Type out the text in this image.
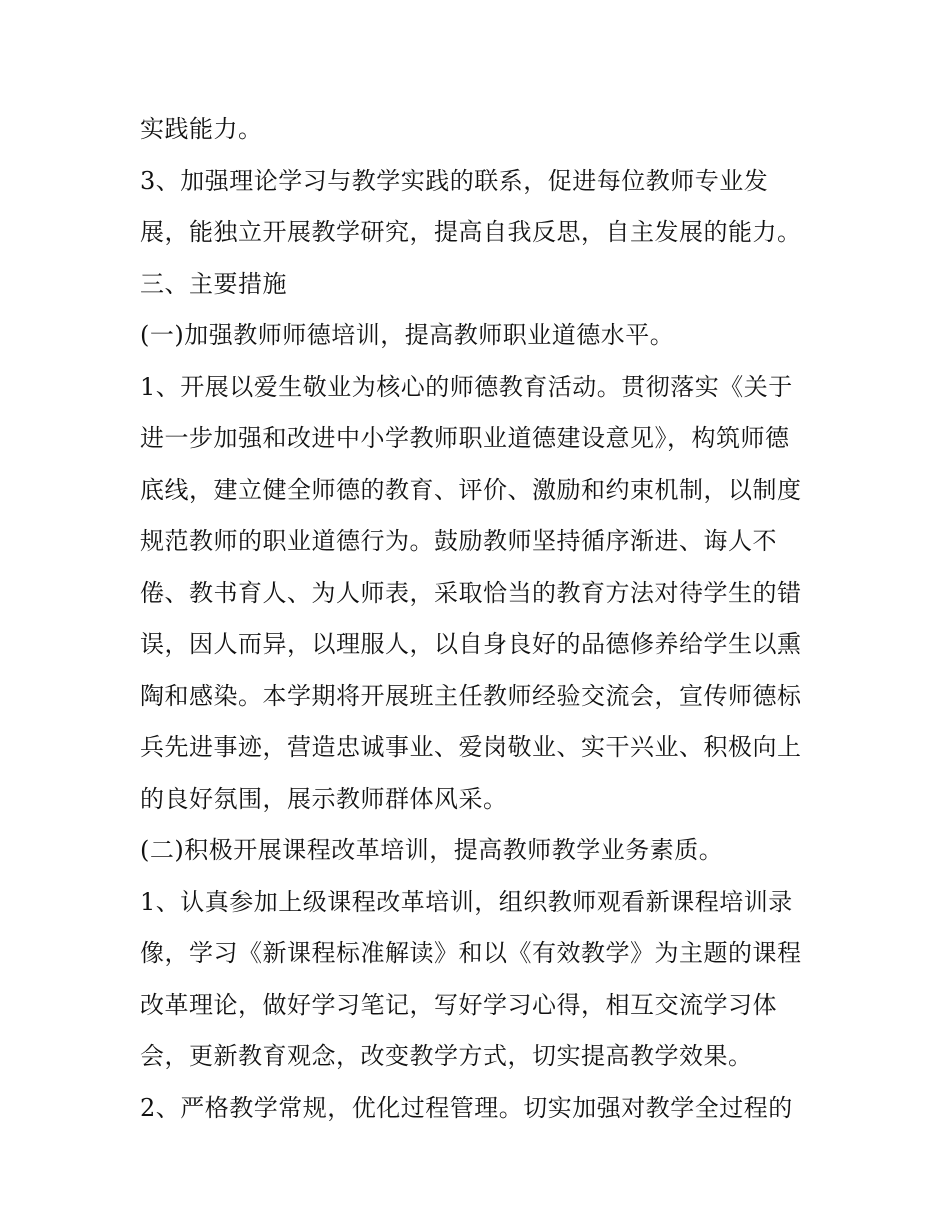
实践能力。
3、加强理论学习与教学实践的联系，促进每位教师专业发
展，能独立开展教学研究，提高自我反思，自主发展的能力。
三、主要措施
(一)加强教师师德培训，提高教师职业道德水平。
1、开展以爱生敬业为核心的师德教育活动。贯彻落实《关于
进一步加强和改进中小学教师职业道德建设意见》，构筑师德
底线，建立健全师德的教育、评价、激励和约束机制，以制度
规范教师的职业道德行为。鼓励教师坚持循序渐进、诲人不
倦、教书育人、为人师表，采取恰当的教育方法对待学生的错
误，因人而异，以理服人，以自身良好的品德修养给学生以熏
陶和感染。本学期将开展班主任教师经验交流会，宣传师德标
兵先进事迹，营造忠诚事业、爱岗敬业、实干兴业、积极向上
的良好氛围，展示教师群体风采。
(二)积极开展课程改革培训，提高教师教学业务素质。
1、认真参加上级课程改革培训，组织教师观看新课程培训录
像，学习《新课程标准解读》和以《有效教学》为主题的课程
改革理论，做好学习笔记，写好学习心得，相互交流学习体
会，更新教育观念，改变教学方式，切实提高教学效果。
2、严格教学常规，优化过程管理。切实加强对教学全过程的
